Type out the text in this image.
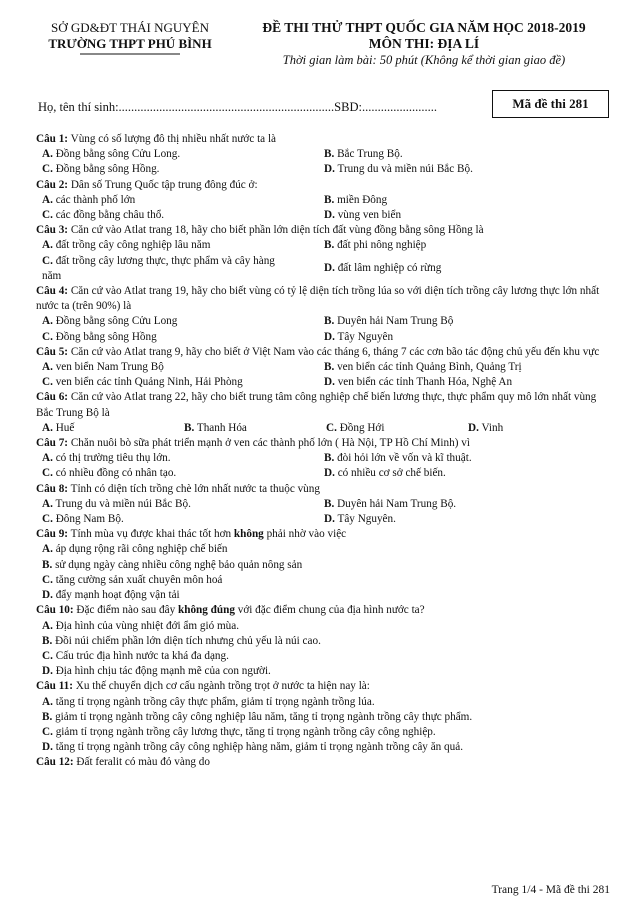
SỞ GD&ĐT THÁI NGUYÊN
TRƯỜNG THPT PHÚ BÌNH
ĐỀ THI THỬ THPT QUỐC GIA NĂM HỌC 2018-2019
MÔN THI: ĐỊA LÍ
Thời gian làm bài: 50 phút (Không kể thời gian giao đề)
Họ, tên thí sinh:.....................................................................SBD:........................	Mã đề thi 281
Câu 1: Vùng có số lượng đô thị nhiều nhất nước ta là
A. Đồng bằng sông Cửu Long.	B. Bắc Trung Bộ.
C. Đồng bằng sông Hồng.	D. Trung du và miền núi Bắc Bộ.
Câu 2: Dân số Trung Quốc tập trung đông đúc ở:
A. các thành phố lớn	B. miền Đông
C. các đồng bằng châu thổ.	D. vùng ven biển
Câu 3: Căn cứ vào Atlat trang 18, hãy cho biết phần lớn diện tích đất vùng đồng bằng sông Hồng là
A. đất trồng cây công nghiệp lâu năm	B. đất phi nông nghiệp
C. đất trồng cây lương thực, thực phẩm và cây hàng năm
D. đất lâm nghiệp có rừng
Câu 4: Căn cứ vào Atlat trang 19, hãy cho biết vùng có tỷ lệ diện tích trồng lúa so với diện tích trồng cây lương thực lớn nhất nước ta (trên 90%) là
A. Đồng bằng sông Cửu Long	B. Duyên hải Nam Trung Bộ
C. Đồng bằng sông Hồng	D. Tây Nguyên
Câu 5: Căn cứ vào Atlat trang 9, hãy cho biết ở Việt Nam vào các tháng 6, tháng 7 các cơn bão tác động chủ yếu đến khu vực
A. ven biển Nam Trung Bộ	B. ven biển các tỉnh Quảng Bình, Quảng Trị
C. ven biển các tỉnh Quảng Ninh, Hải Phòng	D. ven biển các tỉnh Thanh Hóa, Nghệ An
Câu 6: Căn cứ vào Atlat trang 22, hãy cho biết trung tâm công nghiệp chế biến lương thực, thực phẩm quy mô lớn nhất vùng Bắc Trung Bộ là
A. Huế	B. Thanh Hóa	C. Đồng Hới	D. Vinh
Câu 7: Chăn nuôi bò sữa phát triển mạnh ở ven các thành phố lớn ( Hà Nội, TP Hồ Chí Minh) vì
A. có thị trường tiêu thụ lớn.	B. đòi hỏi lớn về vốn và kĩ thuật.
C. có nhiều đồng cỏ nhân tạo.	D. có nhiều cơ sở chế biến.
Câu 8: Tỉnh có diện tích trồng chè lớn nhất nước ta thuộc vùng
A. Trung du và miền núi Bắc Bộ.	B. Duyên hải Nam Trung Bộ.
C. Đông Nam Bộ.	D. Tây Nguyên.
Câu 9: Tính mùa vụ được khai thác tốt hơn không phải nhờ vào việc
A. áp dụng rộng rãi công nghiệp chế biến
B. sử dụng ngày càng nhiều công nghệ bảo quản nông sản
C. tăng cường sản xuất chuyên môn hoá
D. đẩy mạnh hoạt động vận tải
Câu 10: Đặc điểm nào sau đây không đúng với đặc điểm chung của địa hình nước ta?
A. Địa hình của vùng nhiệt đới ẩm gió mùa.
B. Đồi núi chiếm phần lớn diện tích nhưng chủ yếu là núi cao.
C. Cấu trúc địa hình nước ta khá đa dạng.
D. Địa hình chịu tác động mạnh mẽ của con người.
Câu 11: Xu thế chuyển dịch cơ cấu ngành trồng trọt ở nước ta hiện nay là:
A. tăng tỉ trọng ngành trồng cây thực phẩm, giảm tỉ trọng ngành trồng lúa.
B. giảm tỉ trọng ngành trồng cây công nghiệp lâu năm, tăng tỉ trọng ngành trồng cây thực phẩm.
C. giảm tỉ trọng ngành trồng cây lương thực, tăng tỉ trọng ngành trồng cây công nghiệp.
D. tăng tỉ trọng ngành trồng cây công nghiệp hàng năm, giảm tỉ trọng ngành trồng cây ăn quả.
Câu 12: Đất feralit có màu đỏ vàng do
Trang 1/4 - Mã đề thi 281
